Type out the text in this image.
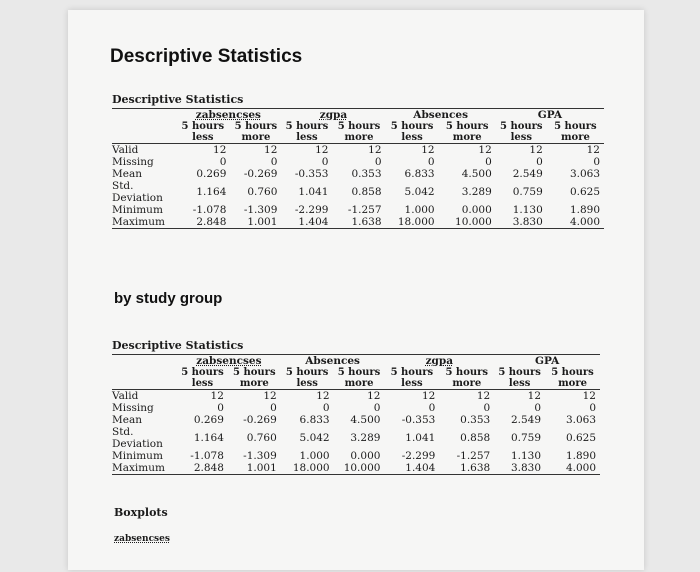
Descriptive Statistics
Descriptive Statistics								
	zabsencses		zgpa		Absences		GPA	
	5 hours	5 hours	5 hours	5 hours	5 hours	5 hours	5 hours	5 hours
	less	more	less	more	less	more	less	more
Valid	12	12	12	12	12	12	12	12
Missing	0	0	0	0	0	0	0	0
Mean	0.269	-0.269	-0.353	0.353	6.833	4.500	2.549	3.063
Std. Deviation	1.164	0.760	1.041	0.858	5.042	3.289	0.759	0.625
Minimum	-1.078	-1.309	-2.299	-1.257	1.000	0.000	1.130	1.890
Maximum	2.848	1.001	1.404	1.638	18.000	10.000	3.830	4.000
by study group
Descriptive Statistics								
	zabsencses		Absences		zgpa		GPA	
	5 hours	5 hours	5 hours	5 hours	5 hours	5 hours	5 hours	5 hours
	less	more	less	more	less	more	less	more
Valid	12	12	12	12	12	12	12	12
Missing	0	0	0	0	0	0	0	0
Mean	0.269	-0.269	6.833	4.500	-0.353	0.353	2.549	3.063
Std. Deviation	1.164	0.760	5.042	3.289	1.041	0.858	0.759	0.625
Minimum	-1.078	-1.309	1.000	0.000	-2.299	-1.257	1.130	1.890
Maximum	2.848	1.001	18.000	10.000	1.404	1.638	3.830	4.000
Boxplots
zabsencses
